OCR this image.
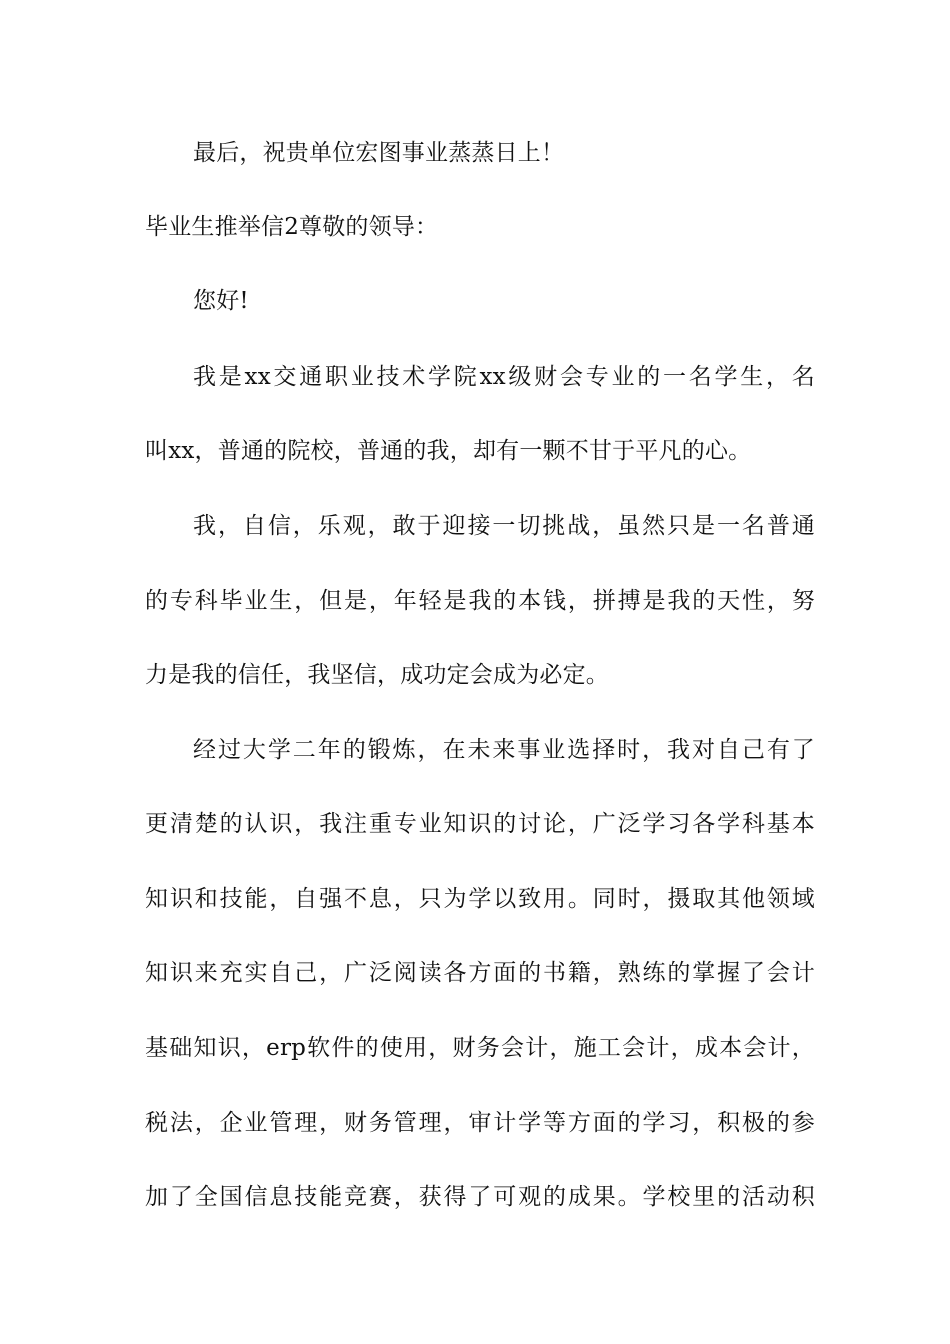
最后，祝贵单位宏图事业蒸蒸日上！
毕业生推举信2尊敬的领导：
您好!
我是xx交通职业技术学院xx级财会专业的一名学生，名
叫xx，普通的院校，普通的我，却有一颗不甘于平凡的心。
我，自信，乐观，敢于迎接一切挑战，虽然只是一名普通
的专科毕业生，但是，年轻是我的本钱，拼搏是我的天性，努
力是我的信任，我坚信，成功定会成为必定。
经过大学二年的锻炼，在未来事业选择时，我对自己有了
更清楚的认识，我注重专业知识的讨论，广泛学习各学科基本
知识和技能，自强不息，只为学以致用。同时，摄取其他领域
知识来充实自己，广泛阅读各方面的书籍，熟练的掌握了会计
基础知识，erp软件的使用，财务会计，施工会计，成本会计，
税法，企业管理，财务管理，审计学等方面的学习，积极的参
加了全国信息技能竞赛，获得了可观的成果。学校里的活动积
